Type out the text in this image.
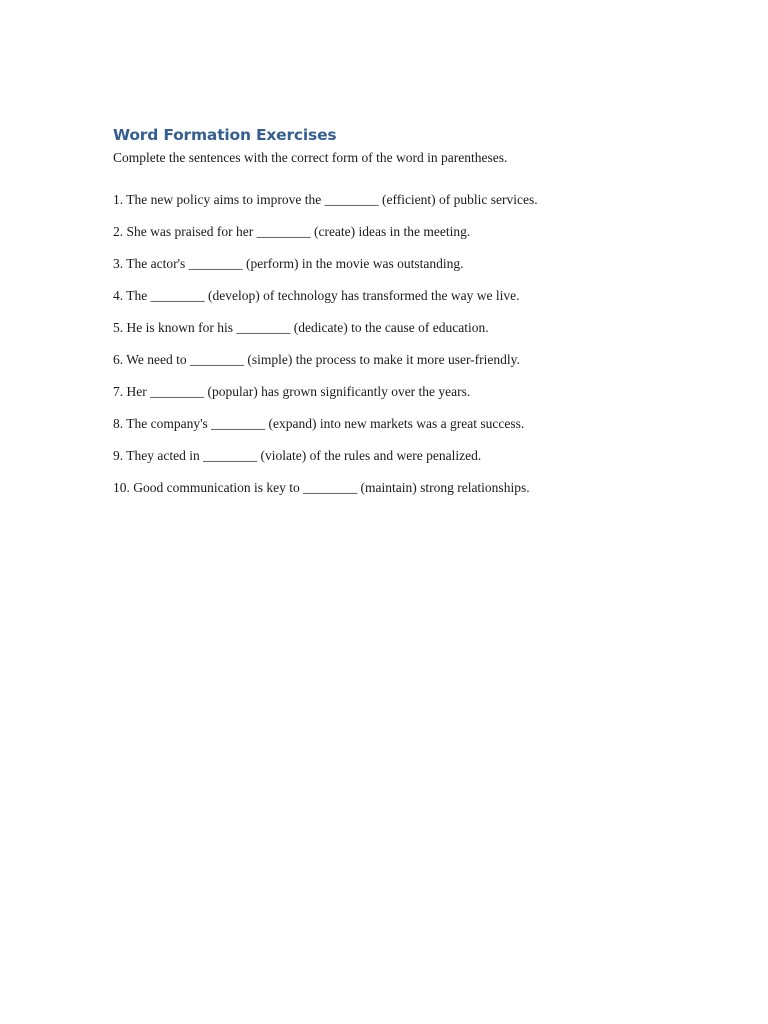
Word Formation Exercises

Complete the sentences with the correct form of the word in parentheses.

1. The new policy aims to improve the ________ (efficient) of public services.
2. She was praised for her ________ (create) ideas in the meeting.
3. The actor's ________ (perform) in the movie was outstanding.
4. The ________ (develop) of technology has transformed the way we live.
5. He is known for his ________ (dedicate) to the cause of education.
6. We need to ________ (simple) the process to make it more user-friendly.
7. Her ________ (popular) has grown significantly over the years.
8. The company's ________ (expand) into new markets was a great success.
9. They acted in ________ (violate) of the rules and were penalized.
10. Good communication is key to ________ (maintain) strong relationships.
